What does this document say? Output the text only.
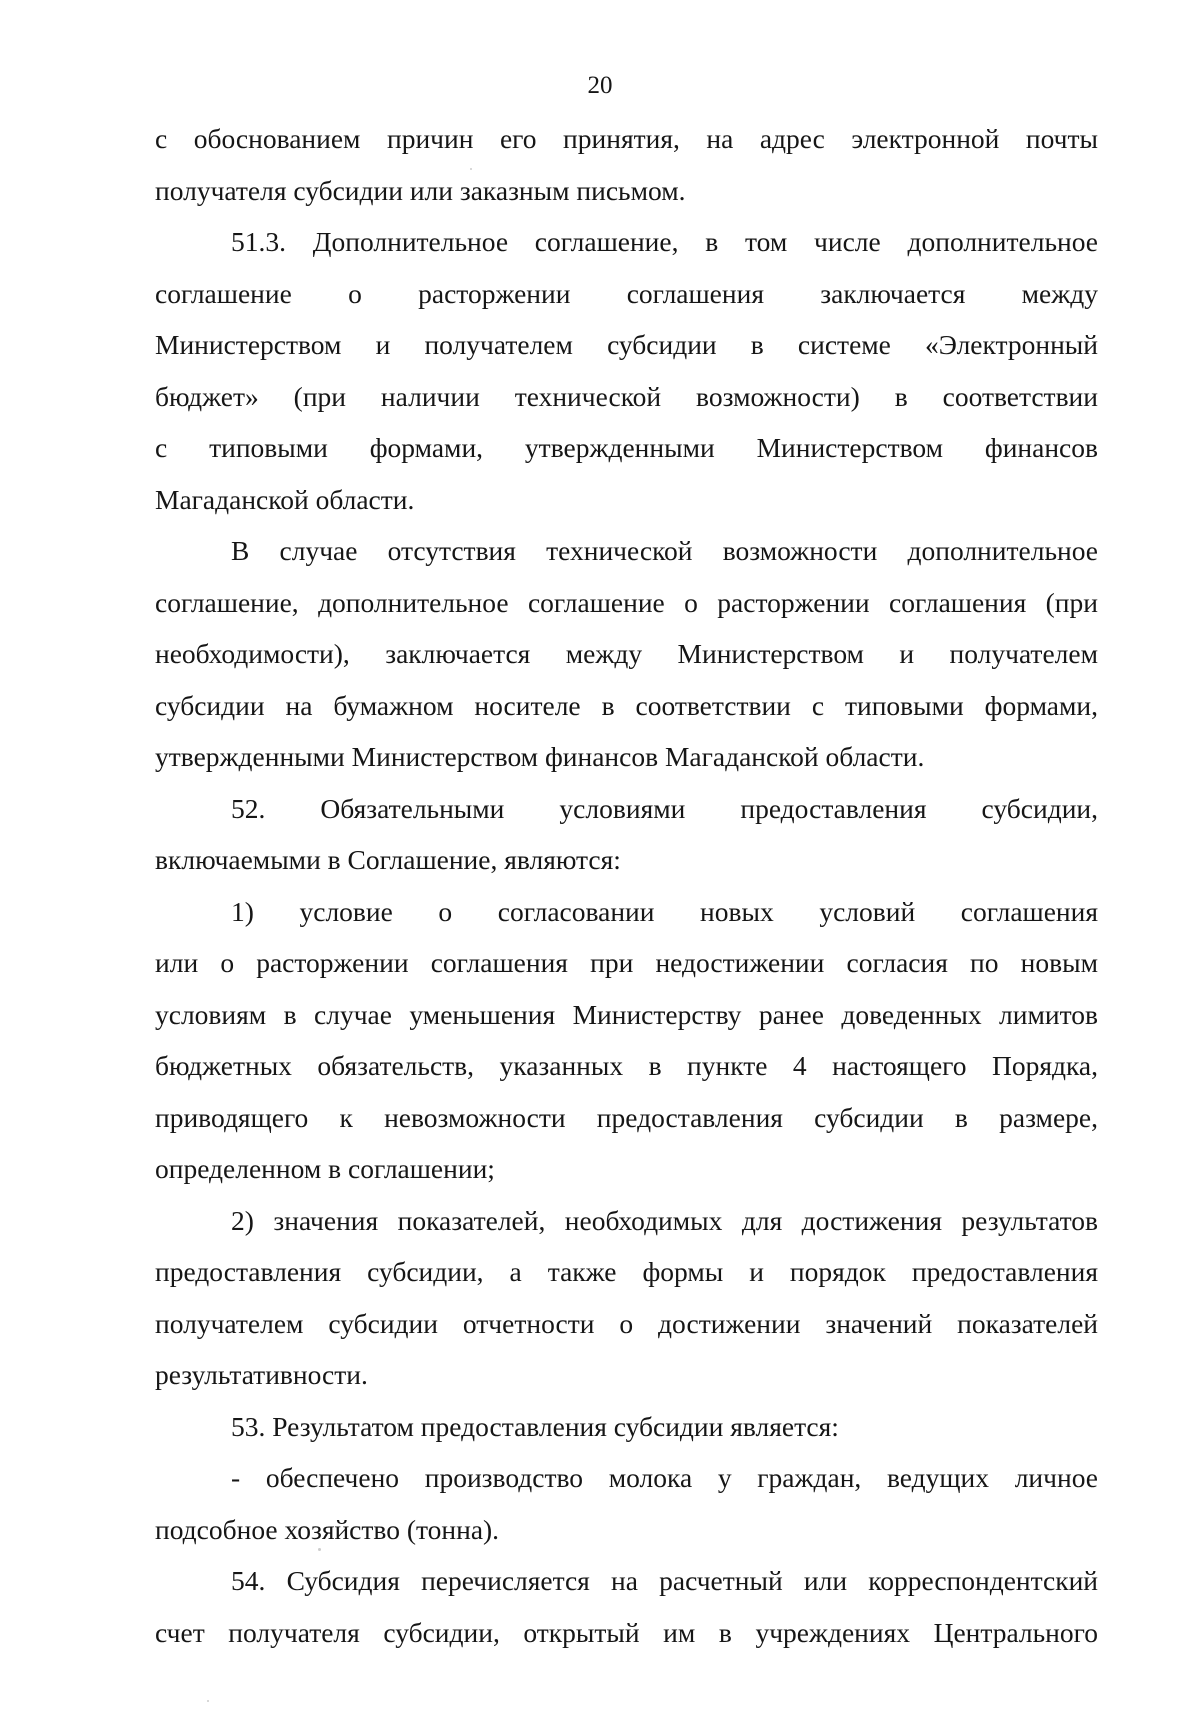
20

с обоснованием причин его принятия, на адрес электронной почты

получателя субсидии или заказным письмом.

51.3. Дополнительное соглашение, в том числе дополнительное

соглашение о расторжении соглашения заключается между

Министерством и получателем субсидии в системе «Электронный

бюджет» (при наличии технической возможности) в соответствии

с типовыми формами, утвержденными Министерством финансов

Магаданской области.

В случае отсутствия технической возможности дополнительное

соглашение, дополнительное соглашение о расторжении соглашения (при

необходимости), заключается между Министерством и получателем

субсидии на бумажном носителе в соответствии с типовыми формами,

утвержденными Министерством финансов Магаданской области.

52. Обязательными условиями предоставления субсидии,

включаемыми в Соглашение, являются:

1) условие о согласовании новых условий соглашения

или о расторжении соглашения при недостижении согласия по новым

условиям в случае уменьшения Министерству ранее доведенных лимитов

бюджетных обязательств, указанных в пункте 4 настоящего Порядка,

приводящего к невозможности предоставления субсидии в размере,

определенном в соглашении;

2) значения показателей, необходимых для достижения результатов

предоставления субсидии, а также формы и порядок предоставления

получателем субсидии отчетности о достижении значений показателей

результативности.

53. Результатом предоставления субсидии является:

- обеспечено производство молока у граждан, ведущих личное

подсобное хозяйство (тонна).

54. Субсидия перечисляется на расчетный или корреспондентский

счет получателя субсидии, открытый им в учреждениях Центрального
